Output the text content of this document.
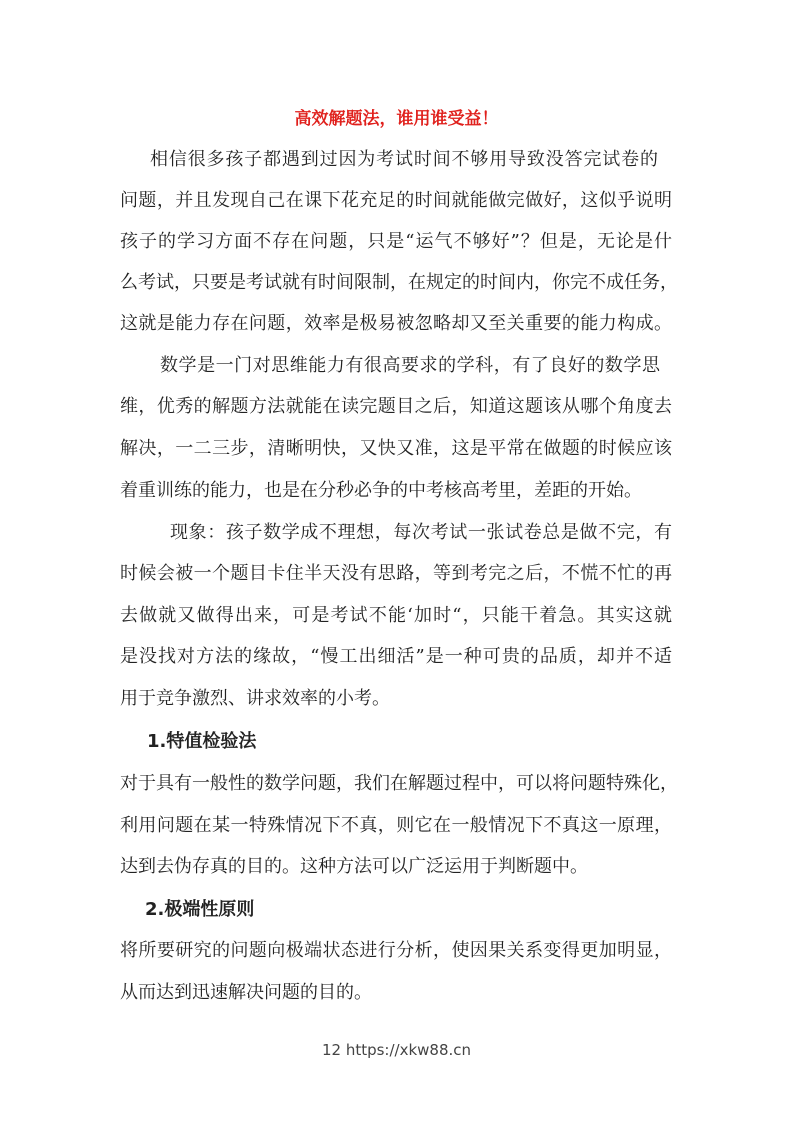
高效解题法，谁用谁受益！
相信很多孩子都遇到过因为考试时间不够用导致没答完试卷的
问题，并且发现自己在课下花充足的时间就能做完做好，这似乎说明
孩子的学习方面不存在问题，只是“运气不够好”？但是，无论是什
么考试，只要是考试就有时间限制，在规定的时间内，你完不成任务，
这就是能力存在问题，效率是极易被忽略却又至关重要的能力构成。
数学是一门对思维能力有很高要求的学科，有了良好的数学思
维，优秀的解题方法就能在读完题目之后，知道这题该从哪个角度去
解决，一二三步，清晰明快，又快又准，这是平常在做题的时候应该
着重训练的能力，也是在分秒必争的中考核高考里，差距的开始。
现象：孩子数学成不理想，每次考试一张试卷总是做不完，有
时候会被一个题目卡住半天没有思路，等到考完之后，不慌不忙的再
去做就又做得出来，可是考试不能‘加时“，只能干着急。其实这就
是没找对方法的缘故，“慢工出细活”是一种可贵的品质，却并不适
用于竞争激烈、讲求效率的小考。
1.特值检验法
对于具有一般性的数学问题，我们在解题过程中，可以将问题特殊化，
利用问题在某一特殊情况下不真，则它在一般情况下不真这一原理，
达到去伪存真的目的。这种方法可以广泛运用于判断题中。
2.极端性原则
将所要研究的问题向极端状态进行分析，使因果关系变得更加明显，
从而达到迅速解决问题的目的。
12 https://xkw88.cn
